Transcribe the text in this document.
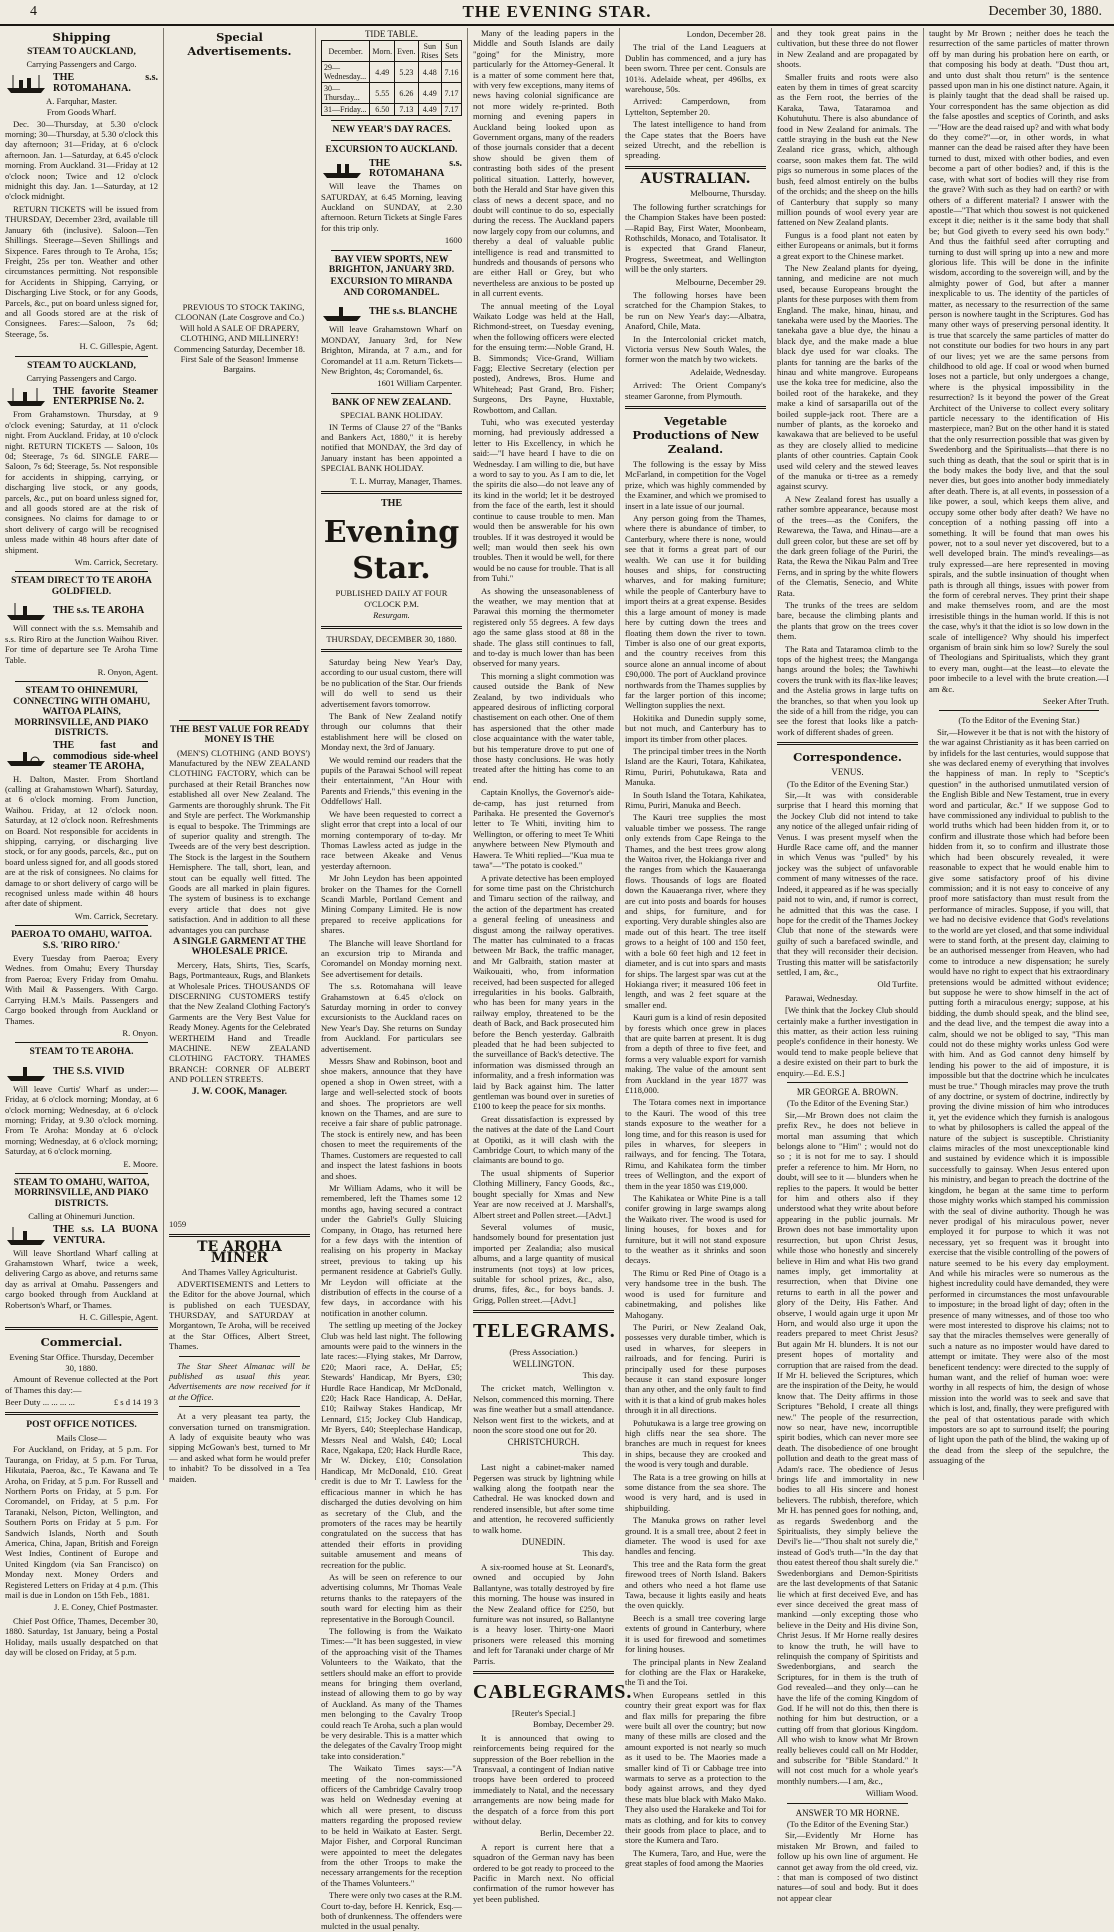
4	THE EVENING STAR.	December 30, 1880.
Shipping
STEAM TO AUCKLAND,
Carrying Passengers and Cargo.
THE s.s. ROTOMAHANA.
A. Farquhar, Master.
From Goods Wharf.

Dec. 30—Thursday, at 5.30 o'clock morning; 30—Thursday, at 5.30 o'clock this day afternoon; 31—Friday, at 6 o'clock afternoon. Jan. 1—Saturday, at 6.45 o'clock morning. From Auckland. 31—Friday at 12 o'clock noon; Twice and 12 o'clock midnight this day. Jan. 1—Saturday, at 12 o'clock midnight.

RETURN TICKETS will be issued from THURSDAY, December 23rd, available till January 6th (inclusive). Saloon—Ten Shillings. Steerage—Seven Shillings and Sixpence. Fares through to Te Aroha, 15s; Freight, 25s per ton. Weather and other circumstances permitting. Not responsible for Accidents in Shipping, Carrying, or Discharging Live Stock, or for any Goods, Parcels, &c., put on board unless signed for, and all Goods stored are at the risk of Consignees. Fares:—Saloon, 7s 6d; Steerage, 5s.

H. C. Gillespie, Agent.
STEAM TO AUCKLAND,
Carrying Passengers and Cargo.
THE favorite Steamer ENTERPRISE No. 2.

From Grahamstown. Thursday, at 9 o'clock evening; Saturday, at 11 o'clock night. From Auckland. Friday, at 10 o'clock night. RETURN TICKETS — Saloon, 10s 0d; Steerage, 7s 6d. SINGLE FARE—Saloon, 7s 6d; Steerage, 5s. Not responsible for accidents in shipping, carrying, or discharging live stock, or any goods, parcels, &c., put on board unless signed for, and all goods stored are at the risk of consignees. No claims for damage to or short delivery of cargo will be recognised unless made within 48 hours after date of shipment.

Wm. Carrick, Secretary.
STEAM DIRECT TO TE AROHA GOLDFIELD.
THE s.s. TE AROHA

Will connect with the s.s. Memsahib and s.s. Riro Riro at the Junction Waihou River. For time of departure see Te Aroha Time Table.

R. Onyon, Agent.
STEAM TO OHINEMURI, CONNECTING WITH OMAHU, WAITOA PLAINS, MORRINSVILLE, AND PIAKO DISTRICTS.
THE fast and commodious side-wheel steamer TE AROHA,

H. Dalton, Master. From Shortland (calling at Grahamstown Wharf). Saturday, at 6 o'clock morning. From Junction, Waihou. Friday, at 12 o'clock noon. Saturday, at 12 o'clock noon. Refreshments on Board. Not responsible for accidents in shipping, carrying, or discharging live stock, or for any goods, parcels, &c., put on board unless signed for, and all goods stored are at the risk of consignees. No claims for damage to or short delivery of cargo will be recognised unless made within 48 hours after date of shipment.

Wm. Carrick, Secretary.
PAEROA TO OMAHU, WAITOA. S.S. 'RIRO RIRO.'

Every Tuesday from Paeroa; Every Wednes. from Omahu; Every Thursday from Paeroa; Every Friday from Omahu. With Mail & Passengers. With Cargo. Carrying H.M.'s Mails. Passengers and Cargo booked through from Auckland or Thames.

R. Onyon.
STEAM TO TE AROHA.
THE S.S. VIVID

Will leave Curtis' Wharf as under:— Friday, at 6 o'clock morning; Monday, at 6 o'clock morning; Wednesday, at 6 o'clock morning; Friday, at 9.30 o'clock morning. From Te Aroha: Monday at 6 o'clock morning; Wednesday, at 6 o'clock morning; Saturday, at 6 o'clock morning.

E. Moore.
STEAM TO OMAHU, WAITOA, MORRINSVILLE, AND PIAKO DISTRICTS.
Calling at Ohinemuri Junction.
THE s.s. LA BUONA VENTURA.

Will leave Shortland Wharf calling at Grahamstown Wharf, twice a week, delivering Cargo as above, and returns same day as arrival at Omahu. Passengers and cargo booked through from Auckland at Robertson's Wharf, or Thames.

H. C. Gillespie, Agent.
Commercial.
Evening Star Office. Thursday, December 30, 1880.

Amount of Revenue collected at the Port of Thames this day:—

Beer Duty ... ... ... ...	£ s d 14 19 3
POST OFFICE NOTICES.
Mails Close—

For Auckland, on Friday, at 5 p.m. For Tauranga, on Friday, at 5 p.m. For Turua, Hikutaia, Paeroa, &c., Te Kawana and Te Aroha, on Friday, at 5 p.m. For Russell and Northern Ports on Friday, at 5 p.m. For Coromandel, on Friday, at 5 p.m. For Taranaki, Nelson, Picton, Wellington, and Southern Ports on Friday at 5 p.m. For Sandwich Islands, North and South America, China, Japan, British and Foreign West Indies, Continent of Europe and United Kingdom (via San Francisco) on Monday next. Money Orders and Registered Letters on Friday at 4 p.m. (This mail is due in London on 15th Feb., 1881.

J. E. Coney, Chief Postmaster.

Chief Post Office, Thames, December 30, 1880. Saturday, 1st January, being a Postal Holiday, mails usually despatched on that day will be closed on Friday, at 5 p.m.

Special Advertisements.

PREVIOUS TO STOCK TAKING, CLOONAN (Late Cosgrove and Co.) Will hold A SALE OF DRAPERY, CLOTHING, AND MILLINERY! Commencing Saturday, December 18. First Sale of the Season! Immense Bargains.

THE BEST VALUE FOR READY MONEY IS THE

(MEN'S) CLOTHING (AND BOYS') Manufactured by the NEW ZEALAND CLOTHING FACTORY, which can be purchased at their Retail Branches now established all over New Zealand. The Garments are thoroughly shrunk. The Fit and Style are perfect. The Workmanship is equal to bespoke. The Trimmings are of superior quality and strength. The Tweeds are of the very best description. The Stock is the largest in the Southern Hemisphere. The tall, short, lean, and stout can be equally well fitted. The Goods are all marked in plain figures. The system of business is to exchange every article that does not give satisfaction. And in addition to all these advantages you can purchase

A SINGLE GARMENT AT THE WHOLESALE PRICE.

Mercery, Hats, Shirts, Ties, Scarfs, Bags, Portmanteaux, Rugs, and Blankets at Wholesale Prices. THOUSANDS OF DISCERNING CUSTOMERS testify that the New Zealand Clothing Factory's Garments are the Very Best Value for Ready Money. Agents for the Celebrated WERTHEIM Hand and Treadle MACHINE. NEW ZEALAND CLOTHING FACTORY. THAMES BRANCH: CORNER OF ALBERT AND POLLEN STREETS.

J. W. COOK, Manager.
1059
TE AROHA MINER
And Thames Valley Agriculturist.

ADVERTISEMENTS and Letters to the Editor for the above Journal, which is published on each TUESDAY, THURSDAY, and SATURDAY at Morgantown, Te Aroha, will be received at the Star Offices, Albert Street, Thames.

The Star Sheet Almanac will be published as usual this year. Advertisements are now received for it at the Office.

At a very pleasant tea party, the conversation turned on transmigration. A lady of exquisite beauty who was sipping McGowan's best, turned to Mr — and asked what form he would prefer to inhabit? To be dissolved in a Tea maiden.

TIDE TABLE.
December.	Morn.	Even.	Sun Rises	Sun Sets
29—Wednesday...	4.49	5.23	4.48	7.16
30—Thursday...	5.55	6.26	4.49	7.17
31—Friday...	6.50	7.13	4.49	7.17
NEW YEAR'S DAY RACES.
EXCURSION TO AUCKLAND.
THE s.s. ROTOMAHANA

Will leave the Thames on SATURDAY, at 6.45 Morning, leaving Auckland on SUNDAY, at 2.30 afternoon. Return Tickets at Single Fares for this trip only.

1600
BAY VIEW SPORTS, NEW BRIGHTON, JANUARY 3RD.
EXCURSION TO MIRANDA AND COROMANDEL.
THE s.s. BLANCHE

Will leave Grahamstown Wharf on MONDAY, January 3rd, for New Brighton, Miranda, at 7 a.m., and for Coromandel at 11 a.m. Return Tickets—New Brighton, 4s; Coromandel, 6s.

1601 William Carpenter.
BANK OF NEW ZEALAND.
SPECIAL BANK HOLIDAY.

IN Terms of Clause 27 of the "Banks and Bankers Act, 1880," it is hereby notified that MONDAY, the 3rd day of January instant has been appointed a SPECIAL BANK HOLIDAY.

T. L. Murray, Manager, Thames.
THE
Evening Star.
PUBLISHED DAILY AT FOUR O'CLOCK P.M.
Resurgam.
THURSDAY, DECEMBER 30, 1880.

Saturday being New Year's Day, according to our usual custom, there will be no publication of the Star. Our friends will do well to send us their advertisement favors tomorrow.

The Bank of New Zealand notify through our columns that their establishment here will be closed on Monday next, the 3rd of January.

We would remind our readers that the pupils of the Parawai School will repeat their entertainment, "An Hour with Parents and Friends," this evening in the Oddfellows' Hall.

We have been requested to correct a slight error that crept into a local of our morning contemporary of to-day. Mr Thomas Lawless acted as judge in the race between Akeake and Venus yesterday afternoon.

Mr John Leydon has been appointed broker on the Thames for the Cornell Scandi Marble, Portland Cement and Mining Company Limited. He is now prepared to receive applications for shares.

The Blanche will leave Shortland for an excursion trip to Miranda and Coromandel on Monday morning next. See advertisement for details.

The s.s. Rotomahana will leave Grahamstown at 6.45 o'clock on Saturday morning in order to convey excursionists to the Auckland races on New Year's Day. She returns on Sunday from Auckland. For particulars see advertisement.

Messrs Shaw and Robinson, boot and shoe makers, announce that they have opened a shop in Owen street, with a large and well-selected stock of boots and shoes. The proprietors are well known on the Thames, and are sure to receive a fair share of public patronage. The stock is entirely new, and has been chosen to meet the requirements of the Thames. Customers are requested to call and inspect the latest fashions in boots and shoes.

Mr William Adams, who it will be remembered, left the Thames some 12 months ago, having secured a contract under the Gabriel's Gully Sluicing Company, in Otago, has returned here for a few days with the intention of realising on his property in Mackay street, previous to taking up his permanent residence at Gabriel's Gully. Mr Leydon will officiate at the distribution of effects in the course of a few days, in accordance with his notification in another column.

The settling up meeting of the Jockey Club was held last night. The following amounts were paid to the winners in the late races:—Flying stakes, Mr Darrow, £20; Maori race, A. DeHar, £5; Stewards' Handicap, Mr Byers, £30; Hurdle Race Handicap, Mr McDonald, £20; Hack Race Handicap, A. DeHar, £10; Railway Stakes Handicap, Mr Lennard, £15; Jockey Club Handicap, Mr Byers, £40; Steeplechase Handicap, Messrs Neal and Walsh, £40; Local Race, Ngakapa, £20; Hack Hurdle Race, Mr W. Dickey, £10; Consolation Handicap, Mr McDonald, £10. Great credit is due to Mr T. Lawless for the efficacious manner in which he has discharged the duties devolving on him as secretary of the Club, and the promoters of the races may be heartily congratulated on the success that has attended their efforts in providing suitable amusement and means of recreation for the public.

As will be seen on reference to our advertising columns, Mr Thomas Veale returns thanks to the ratepayers of the south ward for electing him as their representative in the Borough Council.

The following is from the Waikato Times:—"It has been suggested, in view of the approaching visit of the Thames Volunteers to the Waikato, that the settlers should make an effort to provide means for bringing them overland, instead of allowing them to go by way of Auckland. As many of the Thames men belonging to the Cavalry Troop could reach Te Aroha, such a plan would be very desirable. This is a matter which the delegates of the Cavalry Troop might take into consideration."

The Waikato Times says:—"A meeting of the non-commissioned officers of the Cambridge Cavalry troop was held on Wednesday evening at which all were present, to discuss matters regarding the proposed review to be held in Waikato at Easter. Sergt. Major Fisher, and Corporal Runciman were appointed to meet the delegates from the other Troops to make the necessary arrangements for the reception of the Thames Volunteers."

There were only two cases at the R.M. Court to-day, before H. Kenrick, Esq.—both of drunkenness. The offenders were mulcted in the usual penalty.

Many of the leading papers in the Middle and South Islands are daily "going" for the Ministry, more particularly for the Attorney-General. It is a matter of some comment here that, with very few exceptions, many items of news having colonial significance are not more widely re-printed. Both morning and evening papers in Auckland being looked upon as Government organs, many of the readers of those journals consider that a decent show should be given them of contrasting both sides of the present political situation. Latterly, however, both the Herald and Star have given this class of news a decent space, and no doubt will continue to do so, especially during the recess. The Auckland papers now largely copy from our columns, and thereby a deal of valuable public intelligence is read and transmitted to hundreds and thousands of persons who are either Hall or Grey, but who nevertheless are anxious to be posted up in all current events.

The annual meeting of the Loyal Waikato Lodge was held at the Hall, Richmond-street, on Tuesday evening, when the following officers were elected for the ensuing term:—Noble Grand, H. B. Simmonds; Vice-Grand, William Fagg; Elective Secretary (election per posted), Andrews, Bros. Hume and Whitehead; Past Grand, Bro. Fisher; Surgeons, Drs Payne, Huxtable, Rowbottom, and Callan.

Tuhi, who was executed yesterday morning, had previously addressed a letter to His Excellency, in which he said:—"I have heard I have to die on Wednesday. I am willing to die, but have a word to say to you. As I am to die, let the spirits die also—do not leave any of its kind in the world; let it be destroyed from the face of the earth, lest it should continue to cause trouble to men. Man would then be answerable for his own troubles. If it was destroyed it would be well; man would then seek his own troubles. Then it would be well, for there would be no cause for trouble. That is all from Tuhi."

As showing the unseasonableness of the weather, we may mention that at Parawai this morning the thermometer registered only 55 degrees. A few days ago the same glass stood at 88 in the shade. The glass still continues to fall, and to-day is much lower than has been observed for many years.

This morning a slight commotion was caused outside the Bank of New Zealand, by two individuals who appeared desirous of inflicting corporal chastisement on each other. One of them has aspersioned that the other made close acquaintance with the water table, but his temperature drove to put one of those hasty conclusions. He was hotly treated after the hitting has come to an end.

Captain Knollys, the Governor's aide-de-camp, has just returned from Parihaka. He presented the Governor's letter to Te Whiti, inviting him to Wellington, or offering to meet Te Whiti anywhere between New Plymouth and Hawera. Te Whiti replied—"Kua mua te tawa"—"The potato is cooked."

A private detective has been employed for some time past on the Christchurch and Timaru section of the railway, and the action of the department has created a general feeling of uneasiness and disgust among the railway operatives. The matter has culminated to a fracas between Mr Back, the traffic manager, and Mr Galbraith, station master at Waikouaiti, who, from information received, had been suspected for alleged irregularities in his books. Galbraith, who has been for many years in the railway employ, threatened to be the death of Back, and Back prosecuted him before the Bench yesterday. Galbraith pleaded that he had been subjected to the surveillance of Back's detective. The information was dismissed through an informality, and a fresh information was laid by Back against him. The latter gentleman was bound over in sureties of £100 to keep the peace for six months.

Great dissatisfaction is expressed by the natives at the date of the Land Court at Opotiki, as it will clash with the Cambridge Court, to which many of the claimants are bound to go.

The usual shipments of Superior Clothing Millinery, Fancy Goods, &c., bought specially for Xmas and New Year are now received at J. Marshall's, Albert street and Pollen street.—[Advt.]

Several volumes of music, handsomely bound for presentation just imported per Zealandia; also musical albums, and a large quantity of musical instruments (not toys) at low prices, suitable for school prizes, &c., also, drums, fifes, &c., for boys bands. J. Grigg, Pollen street.—[Advt.]

TELEGRAMS.
(Press Association.)
WELLINGTON.
This day.

The cricket match, Wellington v. Nelson, commenced this morning. There was fine weather but a small attendance. Nelson went first to the wickets, and at noon the score stood one out for 20.

CHRISTCHURCH.
This day.

Last night a cabinet-maker named Pegersen was struck by lightning while walking along the footpath near the Cathedral. He was knocked down and rendered insensible, but after some time and attention, he recovered sufficiently to walk home.

DUNEDIN.
This day.

A six-roomed house at St. Leonard's, owned and occupied by John Ballantyne, was totally destroyed by fire this morning. The house was insured in the New Zealand office for £250, but furniture was not insured, so Ballantyne is a heavy loser. Thirty-one Maori prisoners were released this morning and left for Taranaki under charge of Mr Parris.

CABLEGRAMS.
[Reuter's Special.]
Bombay, December 29.

It is announced that owing to reinforcements being required for the suppression of the Boer rebellion in the Transvaal, a contingent of Indian native troops have been ordered to proceed immediately to Natal, and the necessary arrangements are now being made for the despatch of a force from this port without delay.

Berlin, December 22.

A report is current here that a squadron of the German navy has been ordered to be got ready to proceed to the Pacific in March next. No official confirmation of the rumor however has yet been published.

London, December 28.

The trial of the Land Leaguers at Dublin has commenced, and a jury has been sworn. Three per cent. Consuls are 101¾. Adelaide wheat, per 496lbs, ex warehouse, 50s.

Arrived: Camperdown, from Lyttelton, September 20.

The latest intelligence to hand from the Cape states that the Boers have seized Utrecht, and the rebellion is spreading.

AUSTRALIAN.
Melbourne, Thursday.

The following further scratchings for the Champion Stakes have been posted:—Rapid Bay, First Water, Moonbeam, Rothschilds, Monaco, and Totalisator. It is expected that Grand Flaneur, Progress, Sweetmeat, and Wellington will be the only starters.

Melbourne, December 29.

The following horses have been scratched for the Champion Stakes, to be run on New Year's day:—Albatra, Anaford, Chile, Mata.

In the Intercolonial cricket match, Victoria versus New South Wales, the former won the match by two wickets.

Adelaide, Wednesday.

Arrived: The Orient Company's steamer Garonne, from Plymouth.

Vegetable Productions of New Zealand.

The following is the essay by Miss McFarland, in competition for the Vogel prize, which was highly commended by the Examiner, and which we promised to insert in a late issue of our journal.

Any person going from the Thames, where there is abundance of timber, to Canterbury, where there is none, would see that it forms a great part of our wealth. We can use it for building houses and ships, for constructing wharves, and for making furniture; while the people of Canterbury have to import theirs at a great expense. Besides this a large amount of money is made here by cutting down the trees and floating them down the river to town. Timber is also one of our great exports, and the country receives from this source alone an annual income of about £90,000. The port of Auckland province northwards from the Thames supplies by far the larger portion of this income; Wellington supplies the next.

Hokitika and Dunedin supply some, but not much, and Canterbury has to import its timber from other places.

The principal timber trees in the North Island are the Kauri, Totara, Kahikatea, Rimu, Puriri, Pohutukawa, Rata and Manuka.

In South Island the Totara, Kahikatea, Rimu, Puriri, Manuka and Beech.

The Kauri tree supplies the most valuable timber we possess. The range only extends from Cape Reinga to the Thames, and the best trees grow along the Waitoa river, the Hokianga river and the ranges from which the Kauaeranga flows. Thousands of logs are floated down the Kauaeranga river, where they are cut into posts and boards for houses and ships, for furniture, and for exporting. Very durable shingles also are made out of this heart. The tree itself grows to a height of 100 and 150 feet, with a bole 60 feet high and 12 feet in diameter, and is cut into spars and masts for ships. The largest spar was cut at the Hokianga river; it measured 106 feet in length, and was 2 feet square at the smaller end.

Kauri gum is a kind of resin deposited by forests which once grew in places that are quite barren at present. It is dug from a depth of three to five feet, and forms a very valuable export for varnish making. The value of the amount sent from Auckland in the year 1877 was £118,000.

The Totara comes next in importance to the Kauri. The wood of this tree stands exposure to the weather for a long time, and for this reason is used for piles in wharves, for sleepers in railways, and for fencing. The Totara, Rimu, and Kahikatea form the timber trees of Wellington, and the export of them in the year 1850 was £19,000.

The Kahikatea or White Pine is a tall conifer growing in large swamps along the Waikato river. The wood is used for lining houses, for boxes and for furniture, but it will not stand exposure to the weather as it shrinks and soon decays.

The Rimu or Red Pine of Otago is a very handsome tree in the bush. The wood is used for furniture and cabinetmaking, and polishes like Mahogany.

The Puriri, or New Zealand Oak, possesses very durable timber, which is used in wharves, for sleepers in railroads, and for fencing. Puriri is principally used for these purposes because it can stand exposure longer than any other, and the only fault to find with it is that a kind of grub makes holes through it in all directions.

Pohutukawa is a large tree growing on high cliffs near the sea shore. The branches are much in request for knees in ships, because they are crooked and the wood is very tough and durable.

The Rata is a tree growing on hills at some distance from the sea shore. The wood is very hard, and is used in shipbuilding.

The Manuka grows on rather level ground. It is a small tree, about 2 feet in diameter. The wood is used for axe handles and fencing.

This tree and the Rata form the great firewood trees of North Island. Bakers and others who need a hot flame use Tawa, because it lights easily and heats the oven quickly.

Beech is a small tree covering large extents of ground in Canterbury, where it is used for firewood and sometimes for lining houses.

The principal plants in New Zealand for clothing are the Flax or Harakeke, the Ti and the Toi.

When Europeans settled in this country their great export was for flax and flax mills for preparing the fibre were built all over the country; but now many of these mills are closed and the amount exported is not nearly so much as it used to be. The Maories made a smaller kind of Ti or Cabbage tree into warmats to serve as a protection to the body against arrows, and they dyed these mats blue black with Mako Mako. They also used the Harakeke and Toi for mats as clothing, and for kits to convey their goods from place to place, and to store the Kumera and Taro.

The Kumera, Taro, and Hue, were the great staples of food among the Maories

and they took great pains in the cultivation, but these three do not flower in New Zealand and are propagated by shoots.

Smaller fruits and roots were also eaten by them in times of great scarcity as the Fern root, the berries of the Karaka, Tawa, Tataramoa and Kohutuhutu. There is also abundance of food in New Zealand for animals. The cattle straying in the bush eat the New Zealand rice grass, which, although coarse, soon makes them fat. The wild pigs so numerous in some places of the bush, feed almost entirely on the bulbs of the orchids; and the sheep on the hills of Canterbury that supply so many million pounds of wool every year are fattened on New Zealand plants.

Fungus is a food plant not eaten by either Europeans or animals, but it forms a great export to the Chinese market.

The New Zealand plants for dyeing, tanning, and medicine are not much used, because Europeans brought the plants for these purposes with them from England. The make, hinau, hinau, and tanekaha were used by the Maories. The tanekaha gave a blue dye, the hinau a black dye, and the make made a blue black dye used for war cloaks. The plants for tanning are the barks of the hinau and white mangrove. Europeans use the koka tree for medicine, also the boiled root of the harakeke, and they make a kind of sarsaparilla out of the boiled supple-jack root. There are a number of plants, as the koroeko and kawakawa that are believed to be useful as they are closely allied to medicine plants of other countries. Captain Cook used wild celery and the stewed leaves of the manuka or ti-tree as a remedy against scurvy.

A New Zealand forest has usually a rather sombre appearance, because most of the trees—as the Conifers, the Rewarewa, the Tawa, and Hinau—are a dull green color, but these are set off by the dark green foliage of the Puriri, the Rata, the Rewa the Nikau Palm and Tree Ferns, and in spring by the white flowers of the Clematis, Senecio, and White Rata.

The trunks of the trees are seldom bare, because the climbing plants and the plants that grow on the trees cover them.

The Rata and Tataramoa climb to the tops of the highest trees; the Manganga hangs around the boles; the Tawhiwhi covers the trunk with its flax-like leaves; and the Astelia grows in large tufts on the branches, so that when you look up the side of a hill from the ridge, you can see the forest that looks like a patch-work of different shades of green.

Correspondence.
VENUS.
(To the Editor of the Evening Star.)

Sir,—It was with considerable surprise that I heard this morning that the Jockey Club did not intend to take any notice of the alleged unfair riding of Venus. I was present myself when the Hurdle Race came off, and the manner in which Venus was "pulled" by his jockey was the subject of unfavorable comment of many witnesses of the race. Indeed, it appeared as if he was specially paid not to win, and, if rumor is correct, he admitted that this was the case. I hope for the credit of the Thames Jockey Club that none of the stewards were guilty of such a barefaced swindle, and that they will reconsider their decision. Trusting this matter will be satisfactorily settled, I am, &c.,

Old Turfite.

Parawai, Wednesday.

[We think that the Jockey Club should certainly make a further investigation in this matter, as their action less ruining people's confidence in their honesty. We would tend to make people believe that a desire existed on their part to burk the enquiry.—Ed. E.S.]

MR GEORGE A. BROWN.
(To the Editor of the Evening Star.)

Sir,—Mr Brown does not claim the prefix Rev., he does not believe in mortal man assuming that which belongs alone to "Him" ; would not do so ; it is not for me to say. I should prefer a reference to him. Mr Horn, no doubt, will see to it — blunders when he replies to the papers. It would be better for him and others also if they understood what they write about before appearing in the public journals. Mr Brown does not base immortality upon resurrection, but upon Christ Jesus, while those who honestly and sincerely believe in Him and what His two grand names imply, get immortality at resurrection, when that Divine one returns to earth in all the power and glory of the Deity, His Father. And observe, I would again urge it upon Mr Horn, and would also urge it upon the readers prepared to meet Christ Jesus? But again Mr H. blunders. It is not our present hopes of mortality and corruption that are raised from the dead. If Mr H. believed the Scriptures, which are the inspiration of the Deity, he would know that. The Deity affirms in those Scriptures "Behold, I create all things new." The people of the resurrection, now so near, have new, incorruptible spirit bodies, which can never more see death. The disobedience of one brought pollution and death to the great mass of Adam's race. The obedience of Jesus brings life and immortality in new bodies to all His sincere and honest believers. The rubbish, therefore, which Mr H. has penned goes for nothing, and, as regards Swedenborg and the Spiritualists, they simply believe the Devil's lie—"Thou shalt not surely die," instead of God's truth—"In the day that thou eatest thereof thou shalt surely die." Swedenborgians and Demon-Spiritists are the last developments of that Satanic lie which at first deceived Eve, and has ever since deceived the great mass of mankind —only excepting those who believe in the Deity and His divine Son, Christ Jesus. If Mr Horne really desires to know the truth, he will have to relinquish the company of Spiritists and Swedenborgians, and search the Scriptures, for in them is the truth of God revealed—and they only—can he have the life of the coming Kingdom of God. If he will not do this, then there is nothing for him but destruction, or a cutting off from that glorious Kingdom. All who wish to know what Mr Brown really believes could call on Mr Hodder, and subscribe for "Bible Standard." It will not cost much for a whole year's monthly numbers.—I am, &c.,

William Wood.
ANSWER TO MR HORNE.
(To the Editor of the Evening Star.)

Sir,—Evidently Mr Horne has mistaken Mr Brown, and failed to follow up his own line of argument. He cannot get away from the old creed, viz. : that man is composed of two distinct natures—of soul and body. But it does not appear clear

taught by Mr Brown ; neither does he teach the resurrection of the same particles of matter thrown off by man during his probation here on earth, or that composing his body at death. "Dust thou art, and unto dust shalt thou return" is the sentence passed upon man in his one distinct nature. Again, it is plainly taught that the dead shall be raised up. Your correspondent has the same objection as did the false apostles and sceptics of Corinth, and asks—"How are the dead raised up? and with what body do they come?"—or, in other words, in what manner can the dead be raised after they have been turned to dust, mixed with other bodies, and even become a part of other bodies? and, if this is the case, with what sort of bodies will they rise from the grave? With such as they had on earth? or with others of a different material? I answer with the apostle—"That which thou sowest is not quickened except it die; neither is it the same body that shall be; but God giveth to every seed his own body." And thus the faithful seed after corrupting and turning to dust will spring up into a new and more glorious life. This will be done in the infinite wisdom, according to the sovereign will, and by the almighty power of God, but after a manner inexplicable to us. The identity of the particles of matter, as necessary to the resurrection of the same person is nowhere taught in the Scriptures. God has many other ways of preserving personal identity. It is true that scarcely the same particles of matter do not constitute our bodies for two hours in any part of our lives; yet we are the same persons from childhood to old age. If coal or wood when burned loses not a particle, but only undergoes a change, where is the physical impossibility in the resurrection? Is it beyond the power of the Great Architect of the Universe to collect every solitary particle necessary to the identification of His masterpiece, man? But on the other hand it is stated that the only resurrection possible that was given by Swedenborg and the Spiritualists—that there is no such thing as death, that the soul or spirit that is in the body makes the body live, and that the soul never dies, but goes into another body immediately after death. There is, at all events, in possession of a like power, a soul, which keeps them alive, and occupy some other body after death? We have no conception of a nothing passing off into a something. It will be found that man owes his power, not to a soul never yet discovered, but to a well developed brain. The mind's revealings—as truly expressed—are here represented in moving spirals, and the subtle insinuation of thought when path is through all things, issues with power from the form of cerebral nerves. They print their shape and make themselves room, and are the most irresistible things in the human world. If this is not the case, why's it that the idiot is so low down in the scale of intelligence? Why should his imperfect organism of brain sink him so low? Surely the soul of Theologians and Spiritualists, which they grant to every man, ought—at the least—to elevate the poor imbecile to a level with the brute creation.—I am &c.

Seeker After Truth.
(To the Editor of the Evening Star.)

Sir,—However it be that is not with the history of the war against Christianity as it has been carried on by infidels for the last centuries, would suppose that she was declared enemy of everything that involves the happiness of man. In reply to "Sceptic's question" in the authorised unmutilated version of the English Bible and New Testament, true in every word and particular, &c." If we suppose God to have commissioned any individual to publish to the world truths which had been hidden from it, or to confirm and illustrate those which had before been hidden from it, so to confirm and illustrate those which had been obscurely revealed, it were reasonable to expect that he would enable him to give some satisfactory proof of his divine commission; and it is not easy to conceive of any proof more satisfactory than must result from the performance of miracles. Suppose, if you will, that we had no decisive evidence that God's revelations to the world are yet closed, and that some individual were to stand forth, at the present day, claiming to be an authorised messenger from Heaven, who had come to introduce a new dispensation; he surely would have no right to expect that his extraordinary pretensions would be admitted without evidence; but suppose he were to show himself in the act of putting forth a miraculous energy; suppose, at his bidding, the dumb should speak, and the blind see, and the dead live, and the tempest die away into a calm, should we not be obliged to say, "This man could not do these mighty works unless God were with him. And as God cannot deny himself by lending his power to the aid of imposture, it is impossible but that the doctrine which he inculcates must be true." Though miracles may prove the truth of any doctrine, or system of doctrine, indirectly by proving the divine mission of him who introduces it, yet the evidence which they furnish is analogous to what by philosophers is called the appeal of the nature of the subject is susceptible. Christianity claims miracles of the most unexceptionable kind and sustained by evidence which it is impossible successfully to gainsay. When Jesus entered upon his ministry, and began to preach the doctrine of the kingdom, he began at the same time to perform those mighty works which stamped his commission with the seal of divine authority. Though he was never prodigal of his miraculous power, never employed it for purpose to which it was not necessary, yet so frequent was it brought into exercise that the visible controlling of the powers of nature seemed to be his every day employment. And while his miracles were so numerous as the highest incredulity could have demanded, they were performed in circumstances the most unfavourable to imposture; in the broad light of day; often in the presence of many witnesses, and of those too who were most interested to disprove his claims; not to say that the miracles themselves were generally of such a nature as no imposter would have dared to attempt or imitate. They were also of the most beneficent tendency: were directed to the supply of human want, and the relief of human woe: were worthy in all respects of him, the design of whose mission into the world was to seek and save that which is lost, and, finally, they were prefigured with the peal of that ostentatious parade with which impostors are so apt to surround itself; the pouring of light upon the path of the blind, the waking up of the dead from the sleep of the sepulchre, the assuaging of the
